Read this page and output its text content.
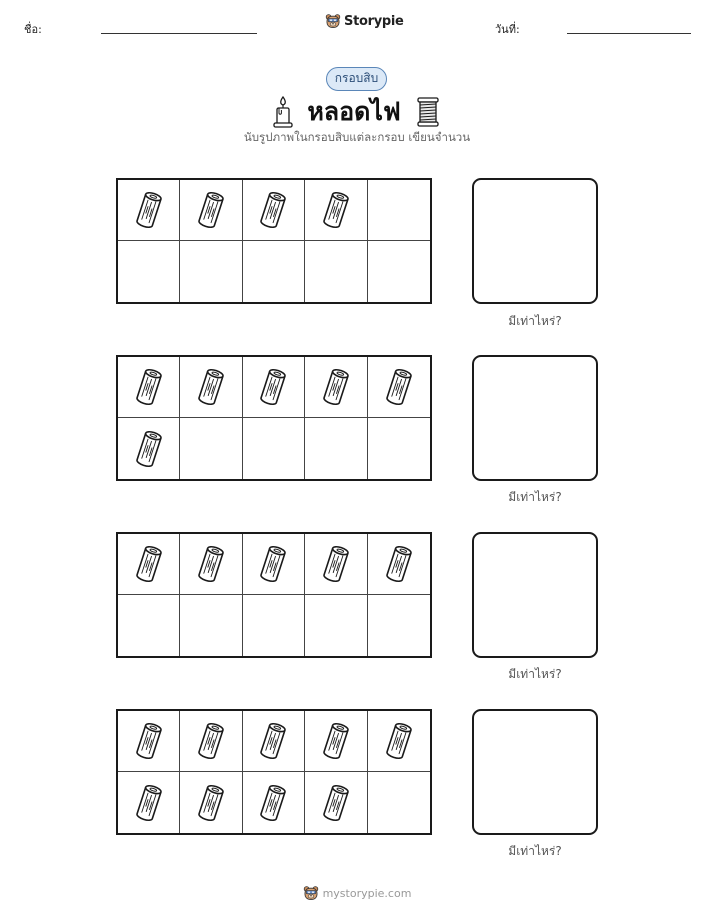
ชื่อ:
Storypie
วันที่:
กรอบสิบ
หลอดไฟ
นับรูปภาพในกรอบสิบแต่ละกรอบ เขียนจำนวน
มีเท่าไหร่?
มีเท่าไหร่?
มีเท่าไหร่?
มีเท่าไหร่?
mystorypie.com
